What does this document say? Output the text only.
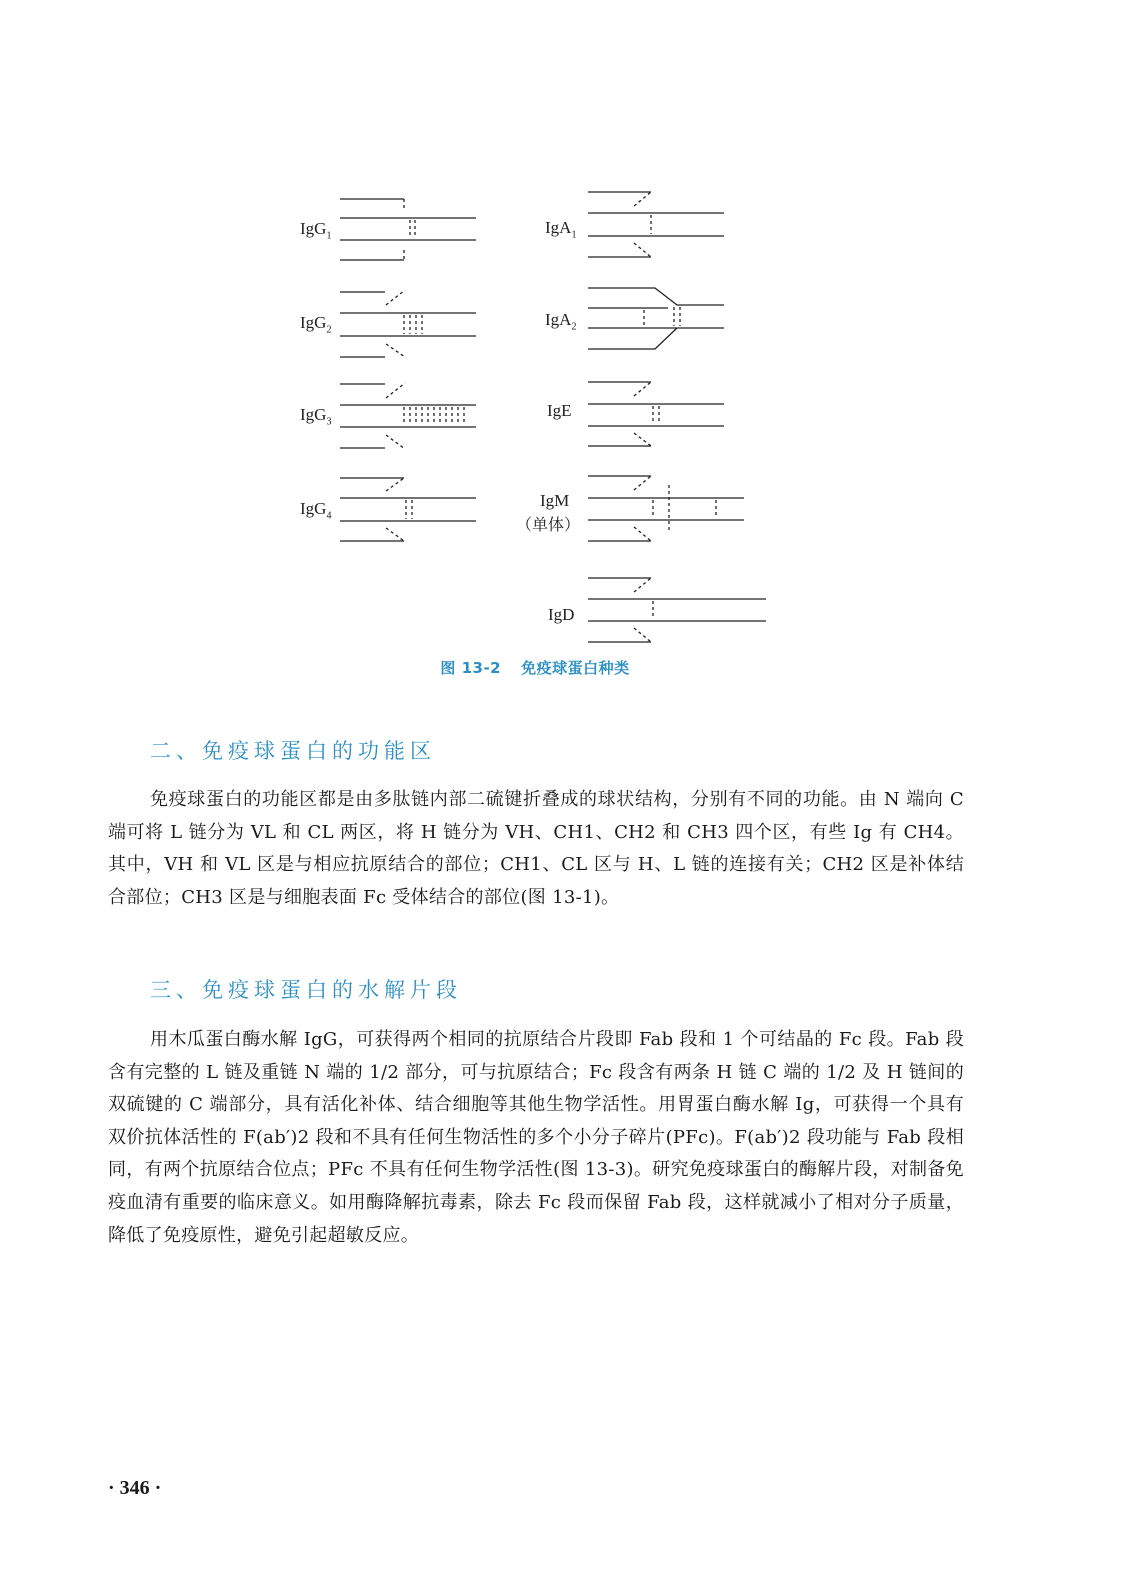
IgG$_1$
IgG$_2$
IgG$_3$
IgG$_4$
IgA$_1$
IgA$_2$
IgE
IgM
（单体）
IgD
图 13-2 免疫球蛋白种类
二、免疫球蛋白的功能区
免疫球蛋白的功能区都是由多肽链内部二硫键折叠成的球状结构，分别有不同的功能。由 N 端向 C 端可将 L 链分为 VL 和 CL 两区，将 H 链分为 VH、CH1、CH2 和 CH3 四个区，有些 Ig 有 CH4。其中，VH 和 VL 区是与相应抗原结合的部位；CH1、CL 区与 H、L 链的连接有关；CH2 区是补体结合部位；CH3 区是与细胞表面 Fc 受体结合的部位(图 13-1)。
三、免疫球蛋白的水解片段
用木瓜蛋白酶水解 IgG，可获得两个相同的抗原结合片段即 Fab 段和 1 个可结晶的 Fc 段。Fab 段含有完整的 L 链及重链 N 端的 1/2 部分，可与抗原结合；Fc 段含有两条 H 链 C 端的 1/2 及 H 链间的双硫键的 C 端部分，具有活化补体、结合细胞等其他生物学活性。用胃蛋白酶水解 Ig，可获得一个具有双价抗体活性的 F(ab′)2 段和不具有任何生物活性的多个小分子碎片(PFc)。F(ab′)2 段功能与 Fab 段相同，有两个抗原结合位点；PFc 不具有任何生物学活性(图 13-3)。研究免疫球蛋白的酶解片段，对制备免疫血清有重要的临床意义。如用酶降解抗毒素，除去 Fc 段而保留 Fab 段，这样就减小了相对分子质量，降低了免疫原性，避免引起超敏反应。
· 346 ·
